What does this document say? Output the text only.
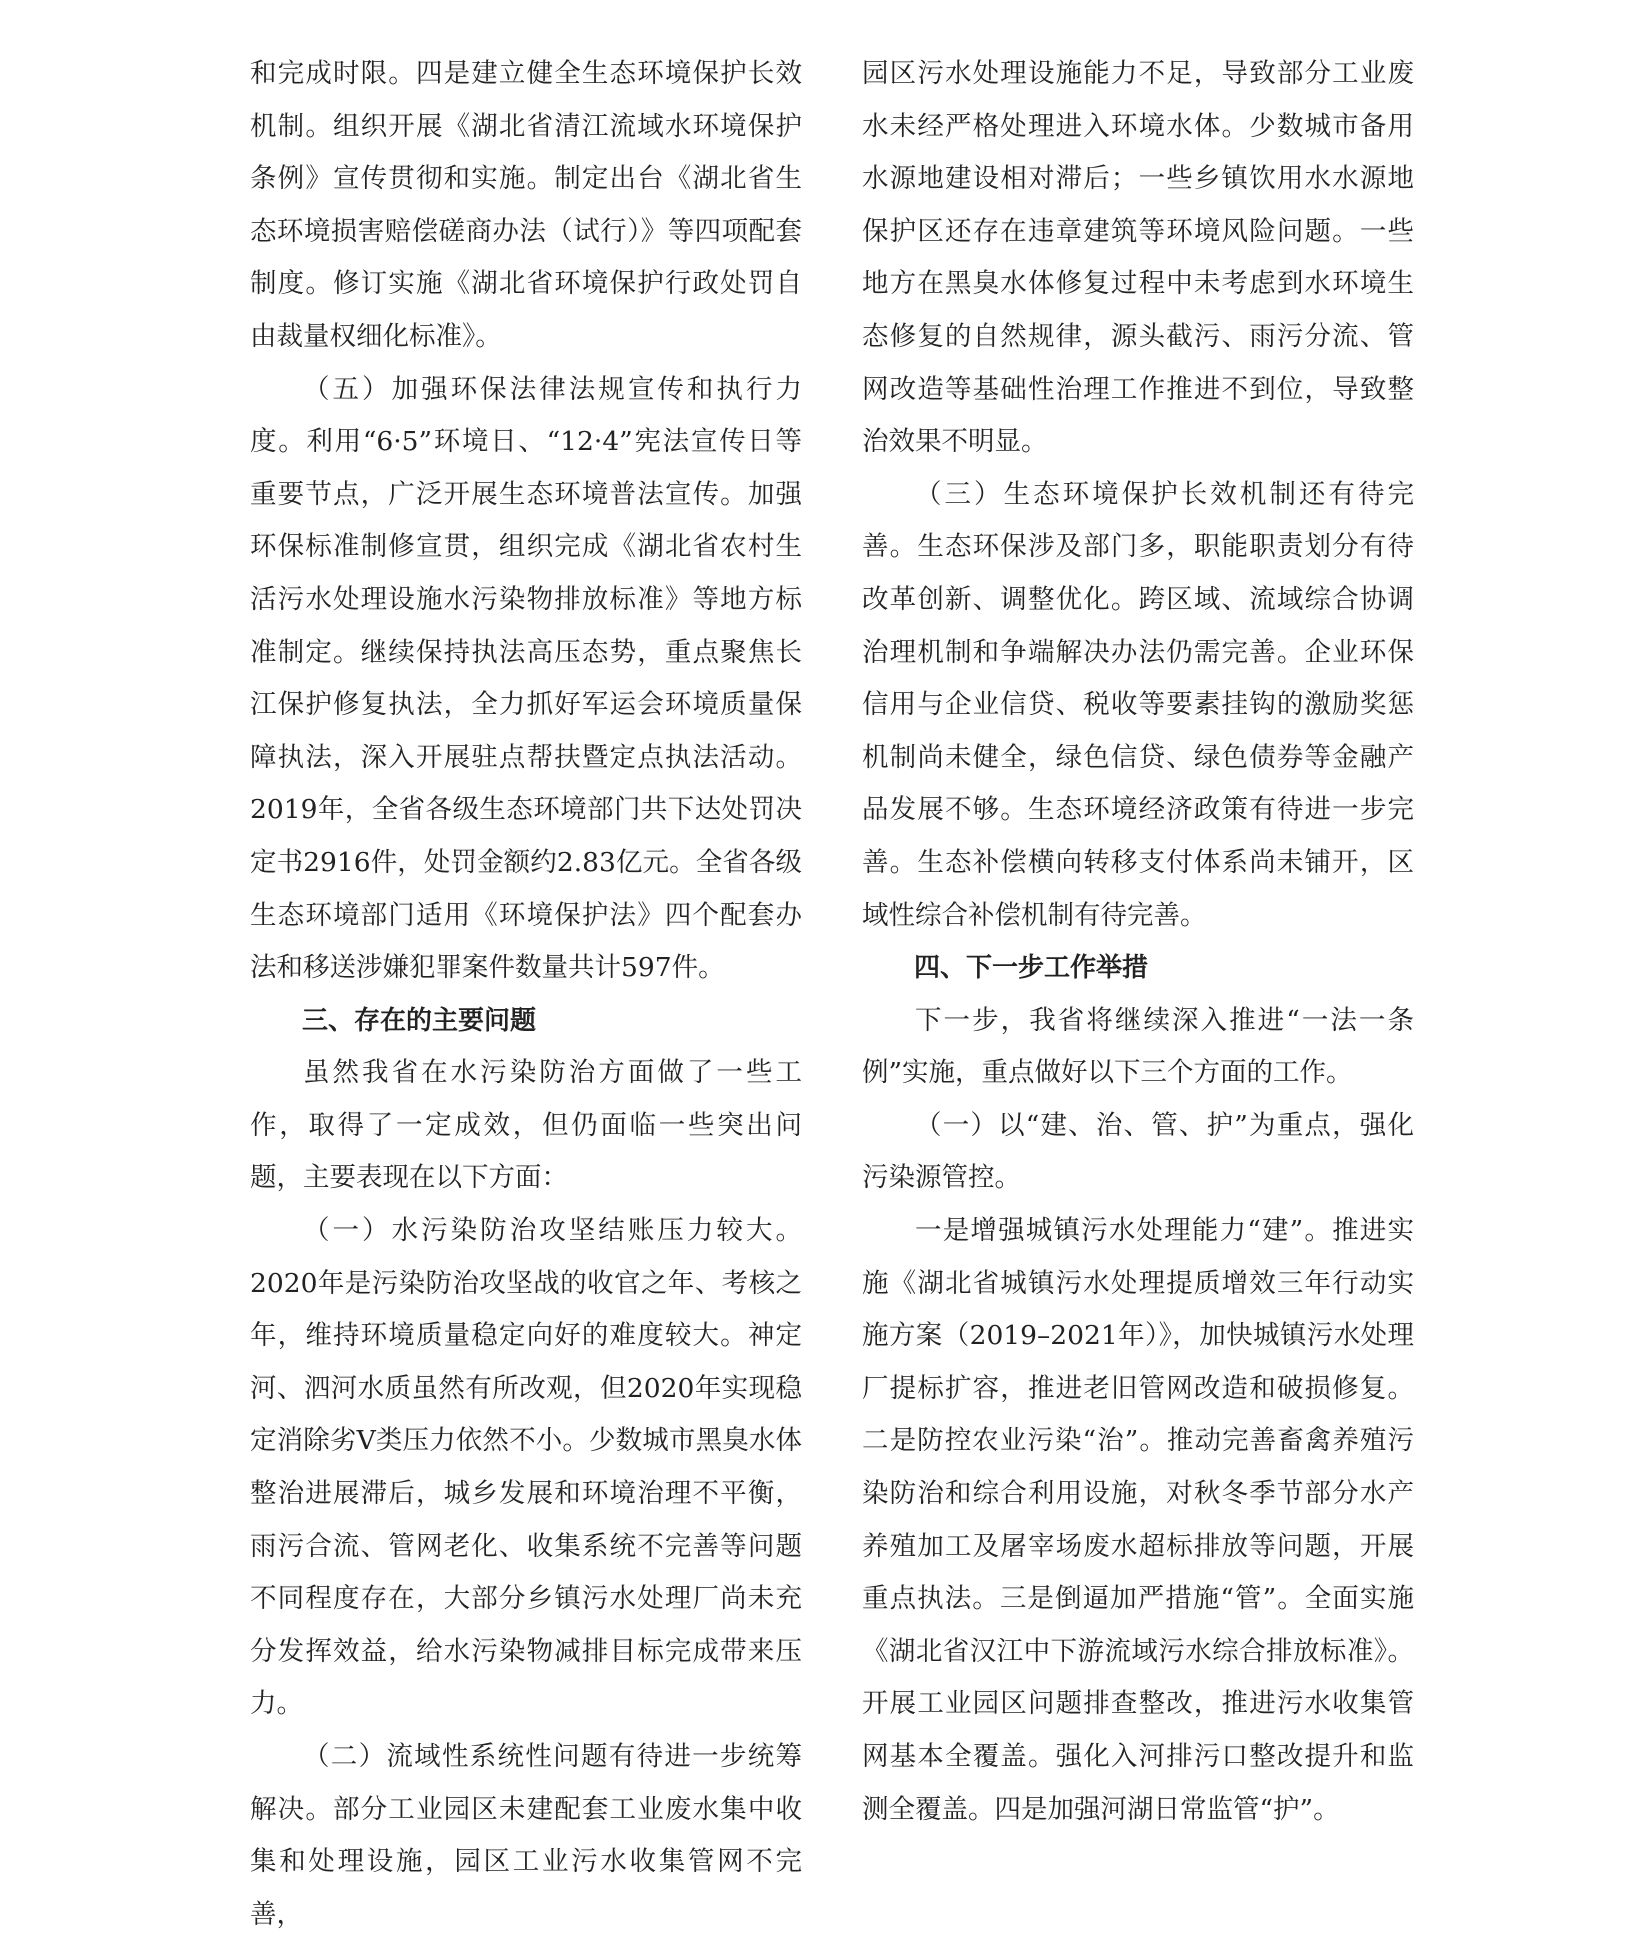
和完成时限。四是建立健全生态环境保护长效机制。组织开展《湖北省清江流域水环境保护条例》宣传贯彻和实施。制定出台《湖北省生态环境损害赔偿磋商办法（试行）》等四项配套制度。修订实施《湖北省环境保护行政处罚自由裁量权细化标准》。

（五）加强环保法律法规宣传和执行力度。利用“6·5”环境日、“12·4”宪法宣传日等重要节点，广泛开展生态环境普法宣传。加强环保标准制修宣贯，组织完成《湖北省农村生活污水处理设施水污染物排放标准》等地方标准制定。继续保持执法高压态势，重点聚焦长江保护修复执法，全力抓好军运会环境质量保障执法，深入开展驻点帮扶暨定点执法活动。2019年，全省各级生态环境部门共下达处罚决定书2916件，处罚金额约2.83亿元。全省各级生态环境部门适用《环境保护法》四个配套办法和移送涉嫌犯罪案件数量共计597件。

三、存在的主要问题

虽然我省在水污染防治方面做了一些工作，取得了一定成效，但仍面临一些突出问题，主要表现在以下方面：

（一）水污染防治攻坚结账压力较大。2020年是污染防治攻坚战的收官之年、考核之年，维持环境质量稳定向好的难度较大。神定河、泗河水质虽然有所改观，但2020年实现稳定消除劣Ⅴ类压力依然不小。少数城市黑臭水体整治进展滞后，城乡发展和环境治理不平衡，雨污合流、管网老化、收集系统不完善等问题不同程度存在，大部分乡镇污水处理厂尚未充分发挥效益，给水污染物减排目标完成带来压力。

（二）流域性系统性问题有待进一步统筹解决。部分工业园区未建配套工业废水集中收集和处理设施，园区工业污水收集管网不完善，

园区污水处理设施能力不足，导致部分工业废水未经严格处理进入环境水体。少数城市备用水源地建设相对滞后；一些乡镇饮用水水源地保护区还存在违章建筑等环境风险问题。一些地方在黑臭水体修复过程中未考虑到水环境生态修复的自然规律，源头截污、雨污分流、管网改造等基础性治理工作推进不到位，导致整治效果不明显。

（三）生态环境保护长效机制还有待完善。生态环保涉及部门多，职能职责划分有待改革创新、调整优化。跨区域、流域综合协调治理机制和争端解决办法仍需完善。企业环保信用与企业信贷、税收等要素挂钩的激励奖惩机制尚未健全，绿色信贷、绿色债券等金融产品发展不够。生态环境经济政策有待进一步完善。生态补偿横向转移支付体系尚未铺开，区域性综合补偿机制有待完善。

四、下一步工作举措

下一步，我省将继续深入推进“一法一条例”实施，重点做好以下三个方面的工作。

（一）以“建、治、管、护”为重点，强化污染源管控。

一是增强城镇污水处理能力“建”。推进实施《湖北省城镇污水处理提质增效三年行动实施方案（2019–2021年）》，加快城镇污水处理厂提标扩容，推进老旧管网改造和破损修复。二是防控农业污染“治”。推动完善畜禽养殖污染防治和综合利用设施，对秋冬季节部分水产养殖加工及屠宰场废水超标排放等问题，开展重点执法。三是倒逼加严措施“管”。全面实施《湖北省汉江中下游流域污水综合排放标准》。开展工业园区问题排查整改，推进污水收集管网基本全覆盖。强化入河排污口整改提升和监测全覆盖。四是加强河湖日常监管“护”。
